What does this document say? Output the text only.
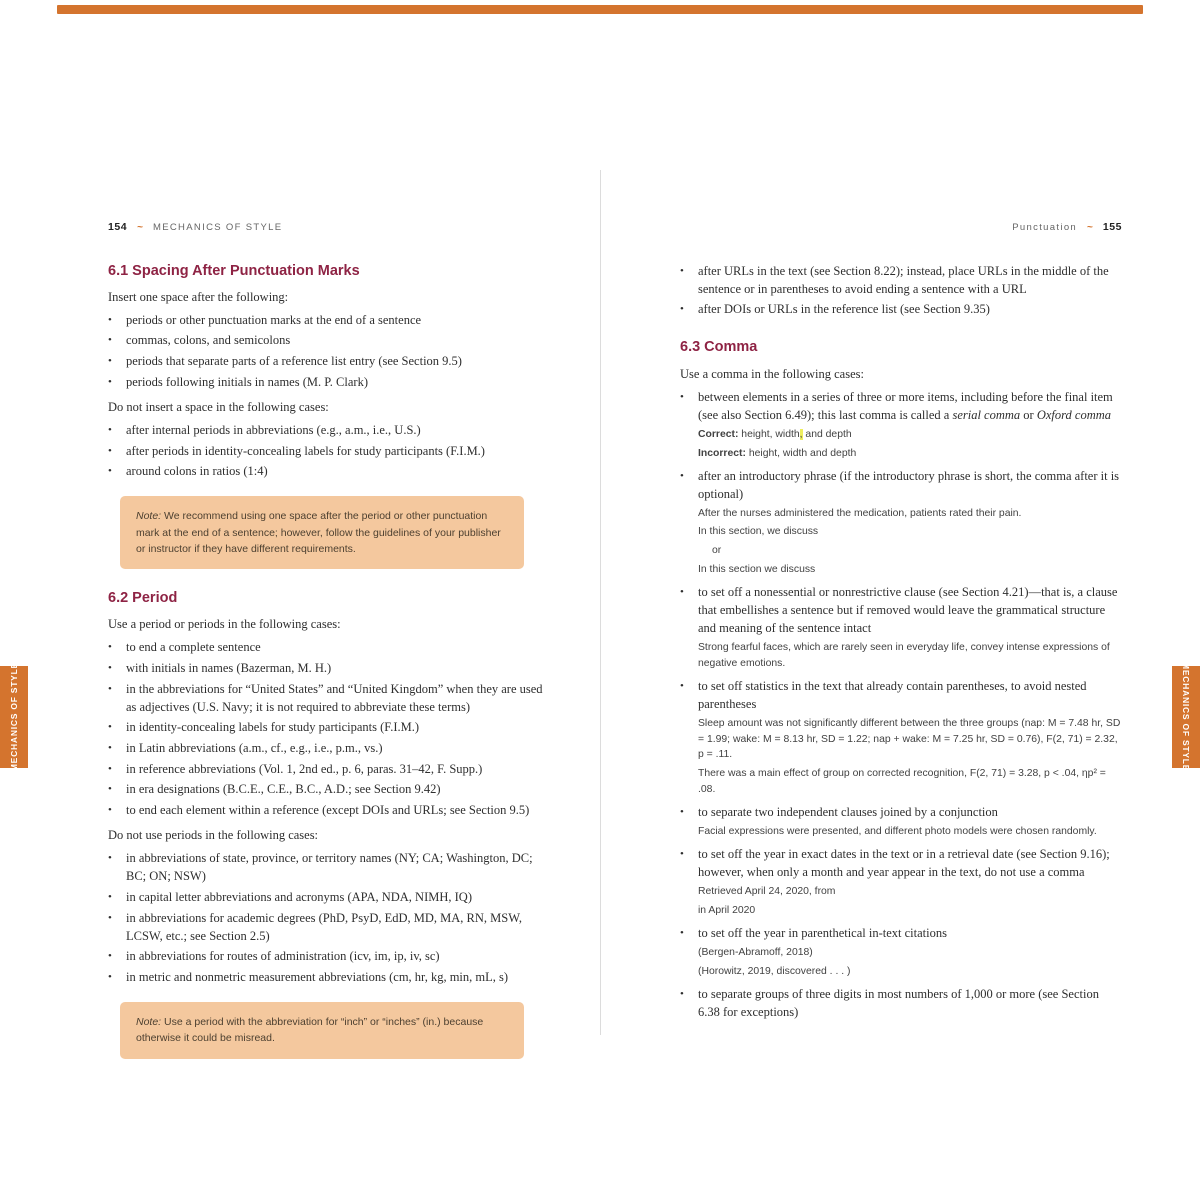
MECHANICS OF STYLE	MECHANICS OF STYLE
154 ~ MECHANICS OF STYLE
6.1 Spacing After Punctuation Marks
Insert one space after the following:
•	periods or other punctuation marks at the end of a sentence
•	commas, colons, and semicolons
•	periods that separate parts of a reference list entry (see Section 9.5)
•	periods following initials in names (M. P. Clark)
Do not insert a space in the following cases:
•	after internal periods in abbreviations (e.g., a.m., i.e., U.S.)
•	after periods in identity-concealing labels for study participants (F.I.M.)
•	around colons in ratios (1:4)
Note: We recommend using one space after the period or other punctuation mark at the end of a sentence; however, follow the guidelines of your publisher or instructor if they have different requirements.
6.2 Period
Use a period or periods in the following cases:
•	to end a complete sentence
•	with initials in names (Bazerman, M. H.)
•	in the abbreviations for “United States” and “United Kingdom” when they are used as adjectives (U.S. Navy; it is not required to abbreviate these terms)
•	in identity-concealing labels for study participants (F.I.M.)
•	in Latin abbreviations (a.m., cf., e.g., i.e., p.m., vs.)
•	in reference abbreviations (Vol. 1, 2nd ed., p. 6, paras. 31–42, F. Supp.)
•	in era designations (B.C.E., C.E., B.C., A.D.; see Section 9.42)
•	to end each element within a reference (except DOIs and URLs; see Section 9.5)
Do not use periods in the following cases:
•	in abbreviations of state, province, or territory names (NY; CA; Washington, DC; BC; ON; NSW)
•	in capital letter abbreviations and acronyms (APA, NDA, NIMH, IQ)
•	in abbreviations for academic degrees (PhD, PsyD, EdD, MD, MA, RN, MSW, LCSW, etc.; see Section 2.5)
•	in abbreviations for routes of administration (icv, im, ip, iv, sc)
•	in metric and nonmetric measurement abbreviations (cm, hr, kg, min, mL, s)
Note: Use a period with the abbreviation for “inch” or “inches” (in.) because otherwise it could be misread.
Punctuation ~ 155
•	after URLs in the text (see Section 8.22); instead, place URLs in the middle of the sentence or in parentheses to avoid ending a sentence with a URL
•	after DOIs or URLs in the reference list (see Section 9.35)
6.3 Comma
Use a comma in the following cases:
•	between elements in a series of three or more items, including before the final item (see also Section 6.49); this last comma is called a serial comma or Oxford comma
Correct: height, width, and depth
Incorrect: height, width and depth
•	after an introductory phrase (if the introductory phrase is short, the comma after it is optional)
After the nurses administered the medication, patients rated their pain.
In this section, we discuss
or
In this section we discuss
•	to set off a nonessential or nonrestrictive clause (see Section 4.21)—that is, a clause that embellishes a sentence but if removed would leave the grammatical structure and meaning of the sentence intact
Strong fearful faces, which are rarely seen in everyday life, convey intense expressions of negative emotions.
•	to set off statistics in the text that already contain parentheses, to avoid nested parentheses
Sleep amount was not significantly different between the three groups (nap: M = 7.48 hr, SD = 1.99; wake: M = 8.13 hr, SD = 1.22; nap + wake: M = 7.25 hr, SD = 0.76), F(2, 71) = 2.32, p = .11.
There was a main effect of group on corrected recognition, F(2, 71) = 3.28, p < .04, ηp² = .08.
•	to separate two independent clauses joined by a conjunction
Facial expressions were presented, and different photo models were chosen randomly.
•	to set off the year in exact dates in the text or in a retrieval date (see Section 9.16); however, when only a month and year appear in the text, do not use a comma
Retrieved April 24, 2020, from
in April 2020
•	to set off the year in parenthetical in-text citations
(Bergen-Abramoff, 2018)
(Horowitz, 2019, discovered . . . )
•	to separate groups of three digits in most numbers of 1,000 or more (see Section 6.38 for exceptions)
